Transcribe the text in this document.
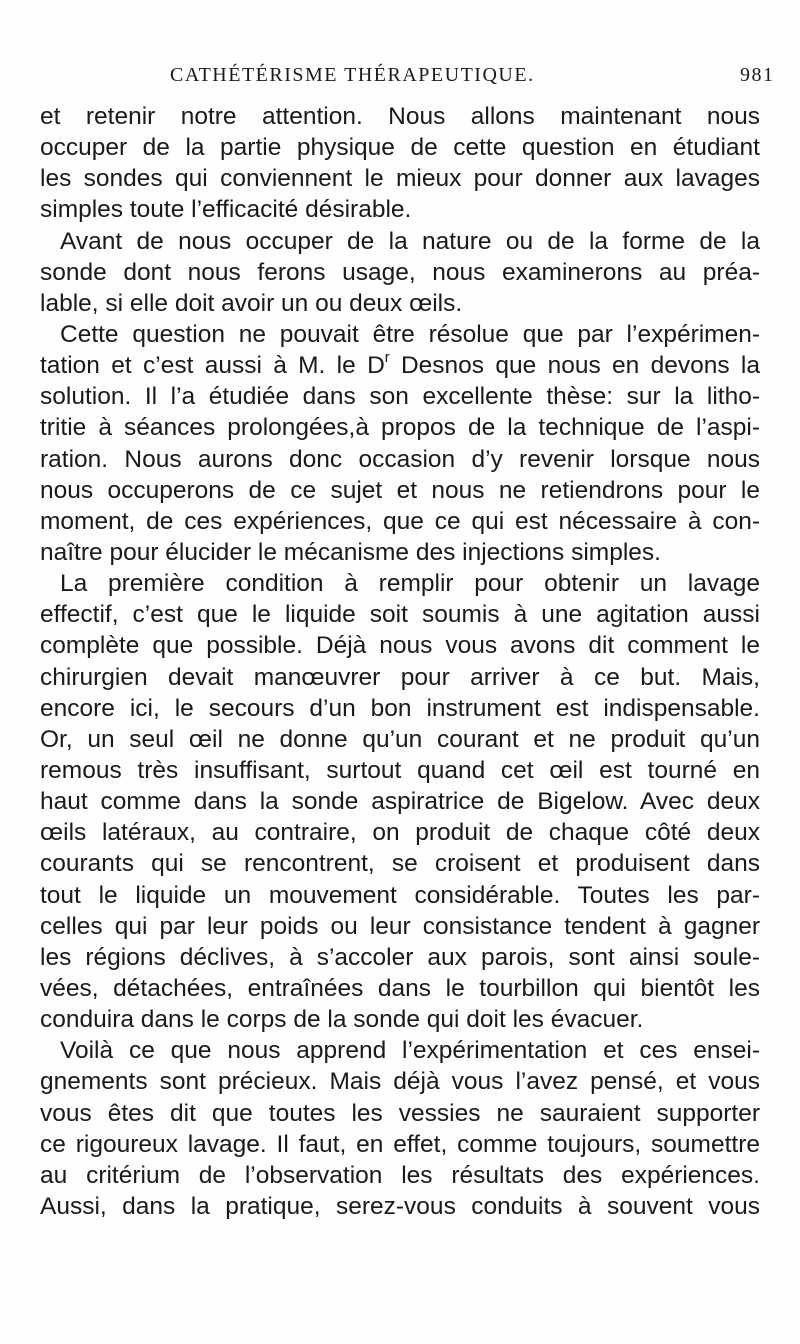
CATHÉTÉRISME THÉRAPEUTIQUE.	981
et retenir notre attention. Nous allons maintenant nous
occuper de la partie physique de cette question en étudiant
les sondes qui conviennent le mieux pour donner aux lavages
simples toute l’efficacité désirable.
Avant de nous occuper de la nature ou de la forme de la
sonde dont nous ferons usage, nous examinerons au préa-
lable, si elle doit avoir un ou deux œils.
Cette question ne pouvait être résolue que par l’expérimen-
tation et c’est aussi à M. le $D^r$ Desnos que nous en devons la
solution. Il l’a étudiée dans son excellente thèse: sur la litho-
tritie à séances prolongées,à propos de la technique de l’aspi-
ration. Nous aurons donc occasion d’y revenir lorsque nous
nous occuperons de ce sujet et nous ne retiendrons pour le
moment, de ces expériences, que ce qui est nécessaire à con-
naître pour élucider le mécanisme des injections simples.
La première condition à remplir pour obtenir un lavage
effectif, c’est que le liquide soit soumis à une agitation aussi
complète que possible. Déjà nous vous avons dit comment le
chirurgien devait manœuvrer pour arriver à ce but. Mais,
encore ici, le secours d’un bon instrument est indispensable.
Or, un seul œil ne donne qu’un courant et ne produit qu’un
remous très insuffisant, surtout quand cet œil est tourné en
haut comme dans la sonde aspiratrice de Bigelow. Avec deux
œils latéraux, au contraire, on produit de chaque côté deux
courants qui se rencontrent, se croisent et produisent dans
tout le liquide un mouvement considérable. Toutes les par-
celles qui par leur poids ou leur consistance tendent à gagner
les régions déclives, à s’accoler aux parois, sont ainsi soule-
vées, détachées, entraînées dans le tourbillon qui bientôt les
conduira dans le corps de la sonde qui doit les évacuer.
Voilà ce que nous apprend l’expérimentation et ces ensei-
gnements sont précieux. Mais déjà vous l’avez pensé, et vous
vous êtes dit que toutes les vessies ne sauraient supporter
ce rigoureux lavage. Il faut, en effet, comme toujours, soumettre
au critérium de l’observation les résultats des expériences.
Aussi, dans la pratique, serez-vous conduits à souvent vous
